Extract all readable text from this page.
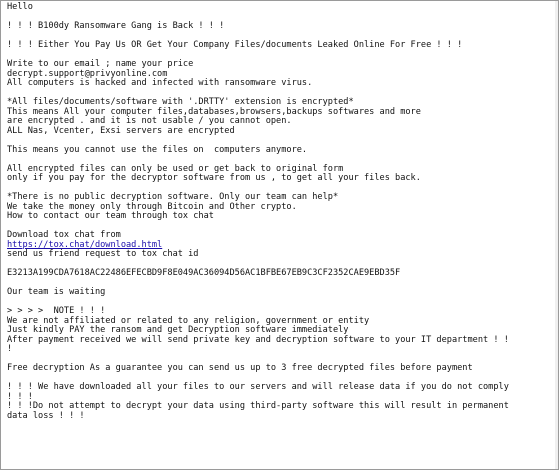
Hello
! ! ! B100dy Ransomware Gang is Back ! ! !
! ! ! Either You Pay Us OR Get Your Company Files/documents Leaked Online For Free ! ! !
Write to our email ; name your price
decrypt.support@privyonline.com
All computers is hacked and infected with ransomware virus.
*All files/documents/software with '.DRTTY' extension is encrypted*
This means All your computer files,databases,browsers,backups softwares and more
are encrypted . and it is not usable / you cannot open.
ALL Nas, Vcenter, Exsi servers are encrypted
This means you cannot use the files on  computers anymore.
All encrypted files can only be used or get back to original form
only if you pay for the decryptor software from us , to get all your files back.
*There is no public decryption software. Only our team can help*
We take the money only through Bitcoin and Other crypto.
How to contact our team through tox chat
Download tox chat from
https://tox.chat/download.html
send us friend request to tox chat id
E3213A199CDA7618AC22486EFECBD9F8E049AC36094D56AC1BFBE67EB9C3CF2352CAE9EBD35F
Our team is waiting
> > > >  NOTE ! ! !
We are not affiliated or related to any religion, government or entity
Just kindly PAY the ransom and get Decryption software immediately
After payment received we will send private key and decryption software to your IT department ! !
!
Free decryption As a guarantee you can send us up to 3 free decrypted files before payment
! ! ! We have downloaded all your files to our servers and will release data if you do not comply
! ! !
! ! !Do not attempt to decrypt your data using third-party software this will result in permanent
data loss ! ! !
